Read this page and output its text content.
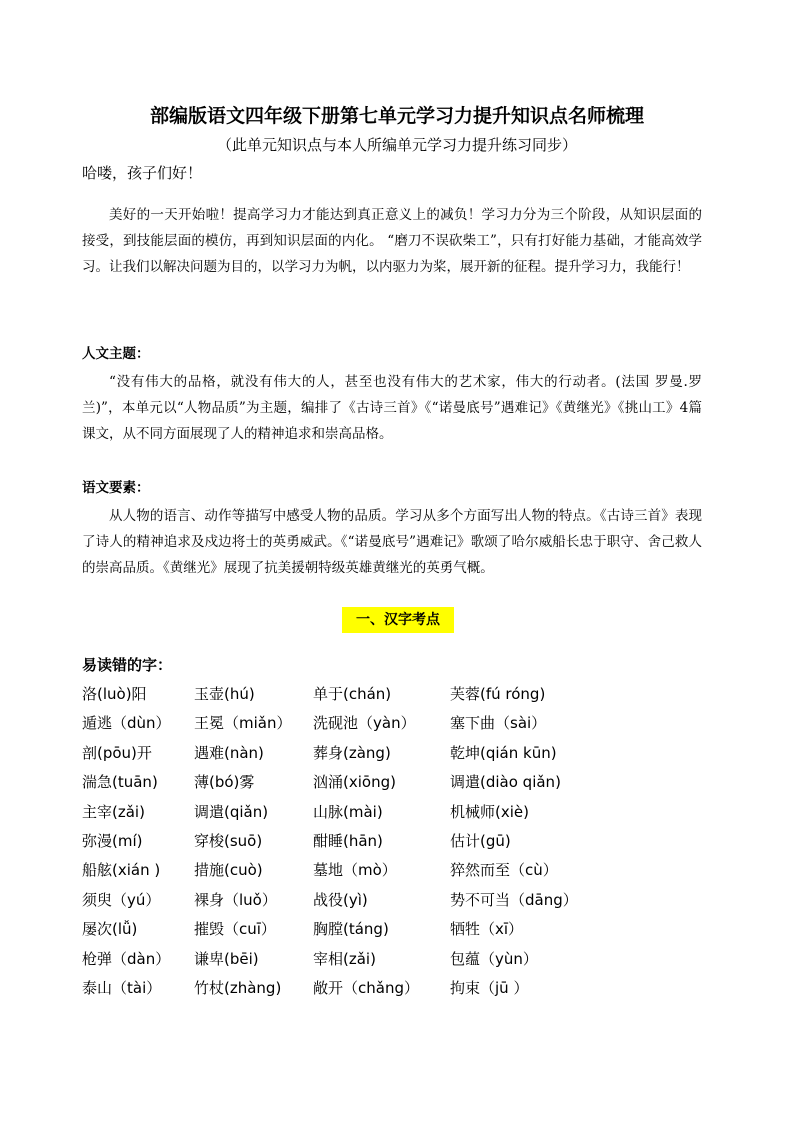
部编版语文四年级下册第七单元学习力提升知识点名师梳理
（此单元知识点与本人所编单元学习力提升练习同步）
哈喽，孩子们好！
美好的一天开始啦！提高学习力才能达到真正意义上的减负！学习力分为三个阶段，从知识层面的接受，到技能层面的模仿，再到知识层面的内化。 “磨刀不误砍柴工”，只有打好能力基础，才能高效学习。让我们以解决问题为目的，以学习力为帆，以内驱力为桨，展开新的征程。提升学习力，我能行！
人文主题：
“没有伟大的品格，就没有伟大的人，甚至也没有伟大的艺术家，伟大的行动者。(法国 罗曼.罗兰)”，本单元以“人物品质”为主题，编排了《古诗三首》《“诺曼底号”遇难记》《黄继光》《挑山工》4篇课文，从不同方面展现了人的精神追求和崇高品格。
语文要素：
从人物的语言、动作等描写中感受人物的品质。学习从多个方面写出人物的特点。《古诗三首》表现了诗人的精神追求及戍边将士的英勇威武。《“诺曼底号”遇难记》歌颂了哈尔威船长忠于职守、舍己救人的崇高品质。《黄继光》展现了抗美援朝特级英雄黄继光的英勇气概。
一、汉字考点
易读错的字：
洛(luò)阳	玉壶(hú)	单于(chán)	芙蓉(fú róng)
遁逃（dùn） 王冕（miǎn） 洗砚池（yàn） 塞下曲（sài）
剖(pōu)开	遇难(nàn)	葬身(zàng)	乾坤(qián kūn)
湍急(tuān) 薄(bó)雾	汹涌(xiōng)	调遣(diào qiǎn)
主宰(zǎi)	调遣(qiǎn)	山脉(mài)	机械师(xiè)
弥漫(mí)	穿梭(suō)	酣睡(hān)	估计(gū)
船舷(xián ) 措施(cuò)	墓地（mò）	猝然而至（cù）
须臾（yú） 裸身（luǒ） 战役(yì)	势不可当（dāng）
屡次(lǚ)	摧毁（cuī） 胸膛(táng)	牺牲（xī）
枪弹（dàn） 谦卑(bēi)	宰相(zǎi)	包蕴（yùn）
泰山（tài） 竹杖(zhàng) 敞开（chǎng） 拘束（jū ）
